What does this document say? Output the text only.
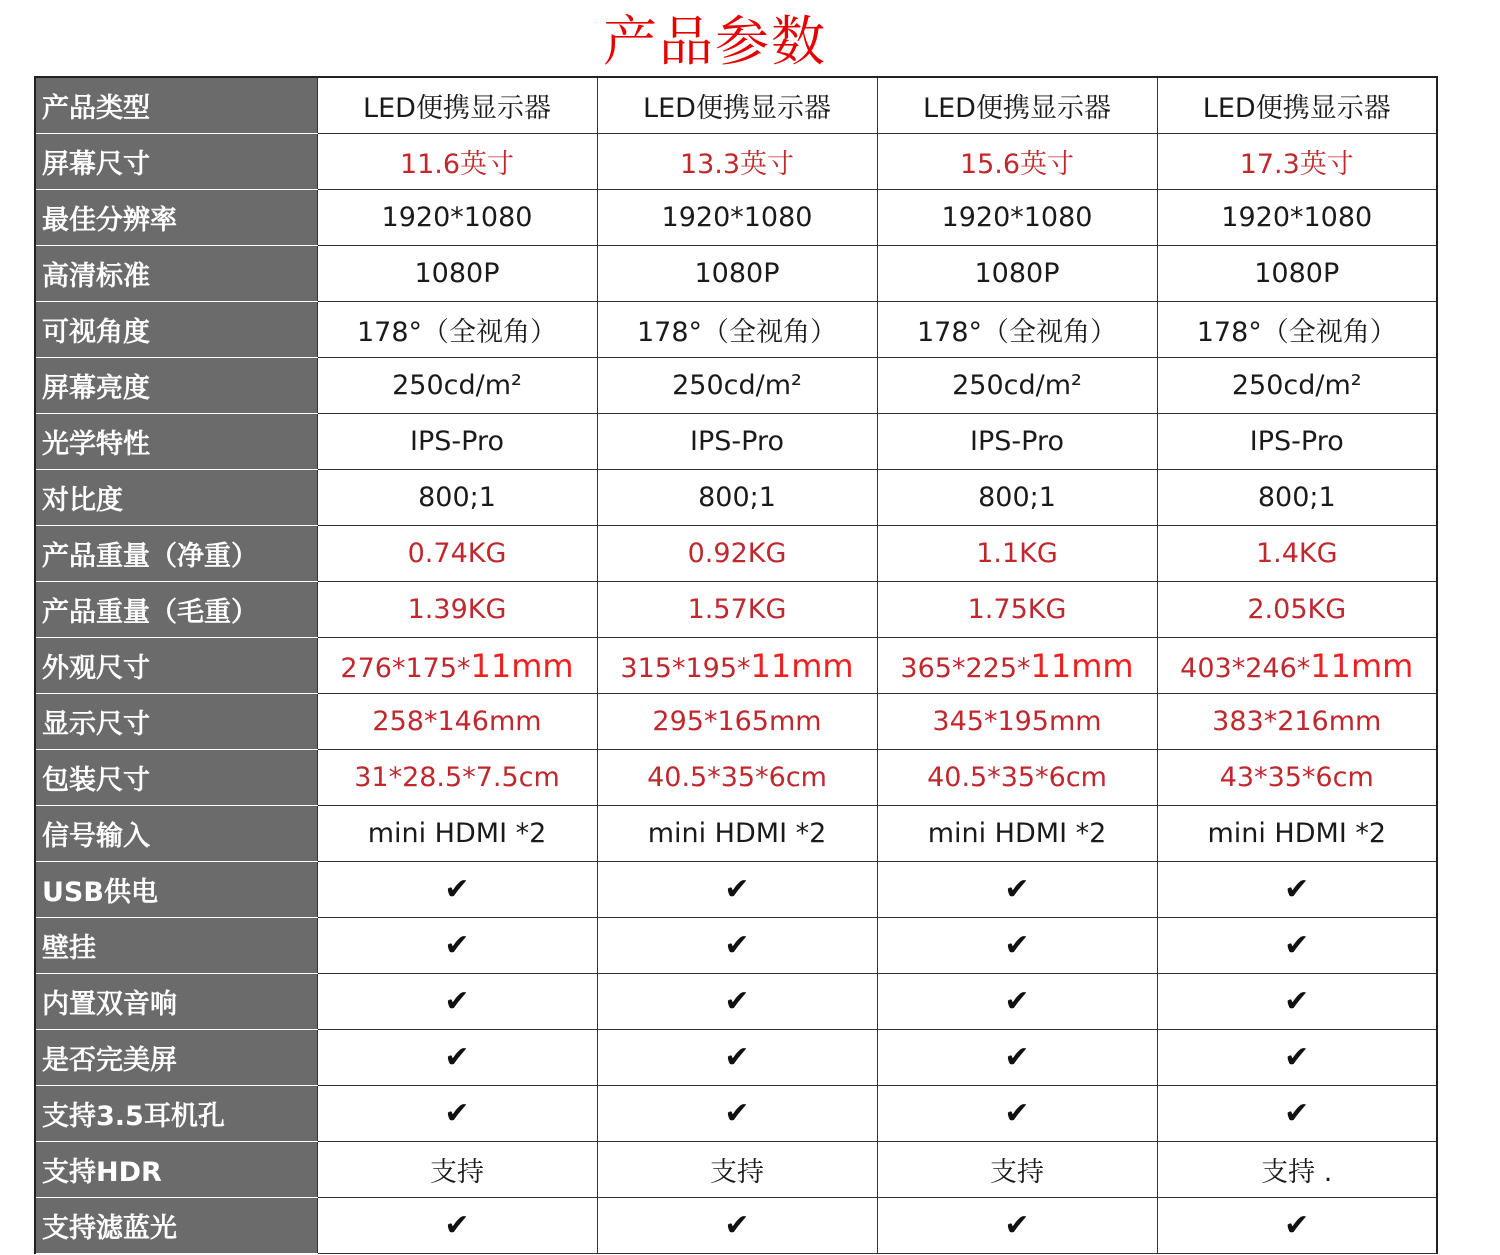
产品参数
产品类型	LED便携显示器	LED便携显示器	LED便携显示器	LED便携显示器
屏幕尺寸	11.6英寸	13.3英寸	15.6英寸	17.3英寸
最佳分辨率	1920*1080	1920*1080	1920*1080	1920*1080
高清标准	1080P	1080P	1080P	1080P
可视角度	178°（全视角）	178°（全视角）	178°（全视角）	178°（全视角）
屏幕亮度	250cd/m²	250cd/m²	250cd/m²	250cd/m²
光学特性	IPS-Pro	IPS-Pro	IPS-Pro	IPS-Pro
对比度	800;1	800;1	800;1	800;1
产品重量（净重）	0.74KG	0.92KG	1.1KG	1.4KG
产品重量（毛重）	1.39KG	1.57KG	1.75KG	2.05KG
外观尺寸	276*175*11mm	315*195*11mm	365*225*11mm	403*246*11mm
显示尺寸	258*146mm	295*165mm	345*195mm	383*216mm
包装尺寸	31*28.5*7.5cm	40.5*35*6cm	40.5*35*6cm	43*35*6cm
信号输入	mini HDMI *2	mini HDMI *2	mini HDMI *2	mini HDMI *2
USB供电	✔	✔	✔	✔
壁挂	✔	✔	✔	✔
内置双音响	✔	✔	✔	✔
是否完美屏	✔	✔	✔	✔
支持3.5耳机孔	✔	✔	✔	✔
支持HDR	支持	支持	支持	支持 .
支持滤蓝光	✔	✔	✔	✔
